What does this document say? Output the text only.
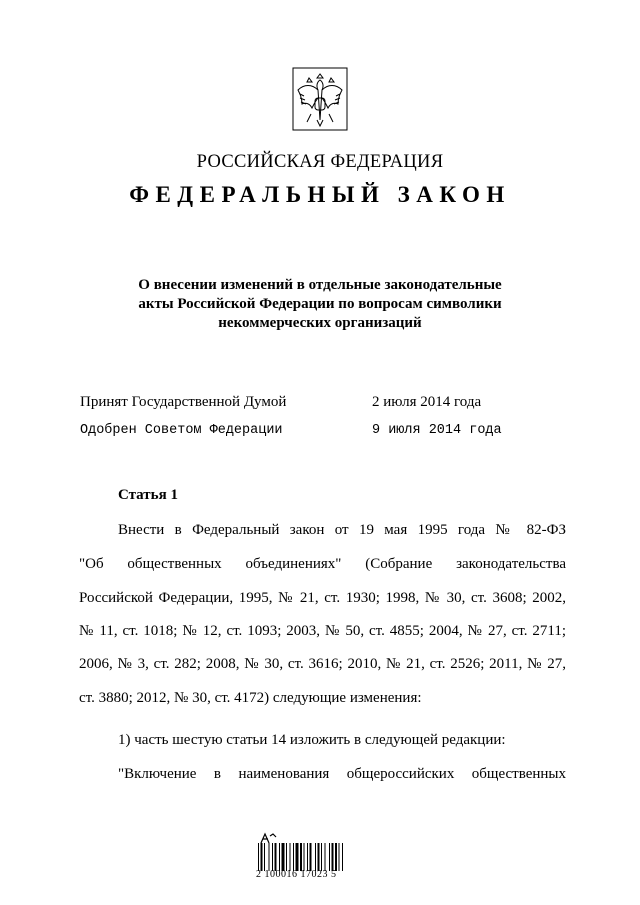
РОССИЙСКАЯ ФЕДЕРАЦИЯ
ФЕДЕРАЛЬНЫЙ ЗАКОН
О внесении изменений в отдельные законодательные
акты Российской Федерации по вопросам символики
некоммерческих организаций
Принят Государственной Думой	2 июля 2014 года
Одобрен Советом Федерации	9 июля 2014 года
Статья 1
Внести в Федеральный закон от 19 мая 1995 года № 82-ФЗ
"Об общественных объединениях" (Собрание законодательства
Российской Федерации, 1995, № 21, ст. 1930; 1998, № 30, ст. 3608; 2002,
№ 11, ст. 1018; № 12, ст. 1093; 2003, № 50, ст. 4855; 2004, № 27, ст. 2711;
2006, № 3, ст. 282; 2008, № 30, ст. 3616; 2010, № 21, ст. 2526; 2011, № 27,
ст. 3880; 2012, № 30, ст. 4172) следующие изменения:
1) часть шестую статьи 14 изложить в следующей редакции:
"Включение в наименования общероссийских общественных
2 100016 17023 5
